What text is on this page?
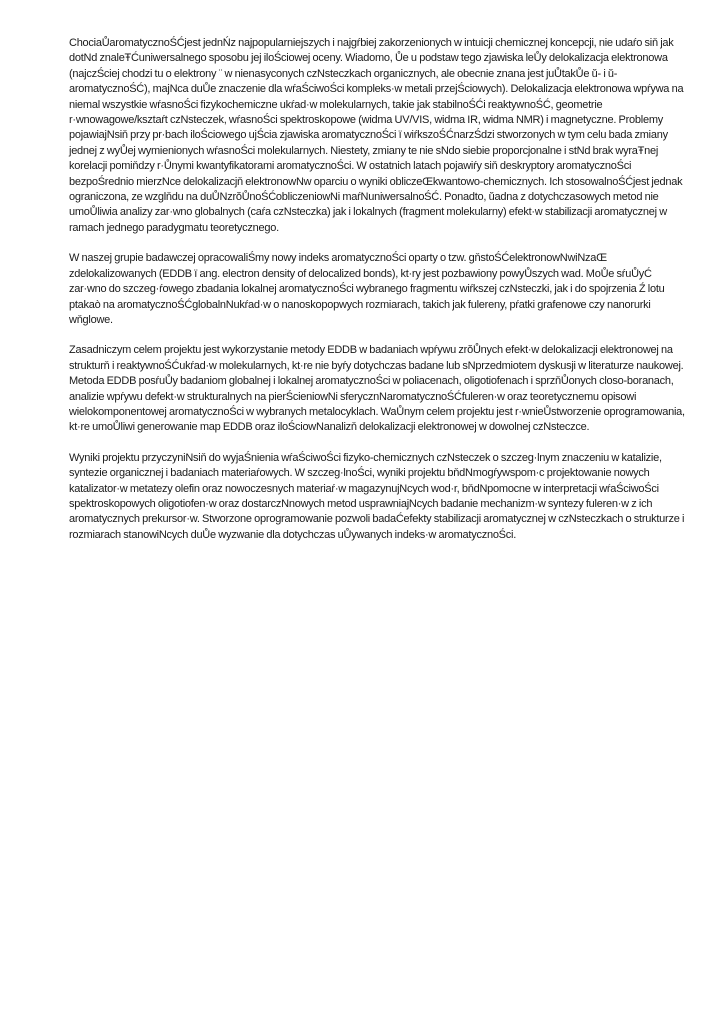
ChociaŮaromatycznoŚĆjest jednŃz najpopularniejszych i najgŕbiej zakorzenionych w intuicji chemicznej koncepcji, nie udaŕo siň jak dotNd znaleŦĆuniwersalnego sposobu jej iloŚciowej oceny. Wiadomo, Ůe u podstaw tego zjawiska leŮy delokalizacja elektronowa (najczŚciej chodzi tu o elektrony ¨ w nienasyconych czNsteczkach organicznych, ale obecnie znana jest juŮtakŮe ŭ- i ŭ- aromatycznoŚĆ), majNca duŮe znaczenie dla wŕaŚciwoŚci kompleks·w metali przejŚciowych). Delokalizacja elektronowa wpŕywa na niemal wszystkie wŕasnoŚci fizykochemiczne ukŕad·w molekularnych, takie jak stabilnoŚĆi reaktywnoŚĆ, geometrie r·wnowagowe/ksztaŕt czNsteczek, wŕasnoŚci spektroskopowe (widma UV/VIS, widma IR, widma NMR) i magnetyczne. Problemy pojawiajNsiň przy pr·bach iloŚciowego ujŚcia zjawiska aromatycznoŚci ï wiŕkszoŚĆnarzŚdzi stworzonych w tym celu bada zmiany jednej z wyŮej wymienionych wŕasnoŚci molekularnych. Niestety, zmiany te nie sNdo siebie proporcjonalne i stNd brak wyraŦnej korelacji pomiňdzy r·Ůnymi kwantyfikatorami aromatycznoŚci. W ostatnich latach pojawiŕy siň deskryptory aromatycznoŚci bezpoŚrednio mierzNce delokalizacjň elektronowNw oparciu o wyniki obliczeŒkwantowo-chemicznych. Ich stosowalnoŚĆjest jednak ograniczona, ze wzglňdu na duŮNzrŏŮnoŚĆobliczeniowNi maŕNuniwersalnoŚĆ. Ponadto, ŭadna z dotychczasowych metod nie umoŮliwia analizy zar·wno globalnych (caŕa czNsteczka) jak i lokalnych (fragment molekularny) efekt·w stabilizacji aromatycznej w ramach jednego paradygmatu teoretycznego.

W naszej grupie badawczej opracowaliŚmy nowy indeks aromatycznoŚci oparty o tzw. gňstoŚĆelektronowNwiNzaŒ zdelokalizowanych (EDDB ï ang. electron density of delocalized bonds), kt·ry jest pozbawiony powyŮszych wad. MoŮe sŕuŮyĆ zar·wno do szczeg·ŕowego zbadania lokalnej aromatycznoŚci wybranego fragmentu wiŕkszej czNsteczki, jak i do spojrzenia Ź lotu ptakaò na aromatycznoŚĆglobalnNukŕad·w o nanoskopopwych rozmiarach, takich jak fulereny, pŕatki grafenowe czy nanorurki wňglowe.

Zasadniczym celem projektu jest wykorzystanie metody EDDB w badaniach wpŕywu zrŏŮnych efekt·w delokalizacji elektronowej na strukturň i reaktywnoŚĆukŕad·w molekularnych, kt·re nie byŕy dotychczas badane lub sNprzedmiotem dyskusji w literaturze naukowej. Metoda EDDB posŕuŮy badaniom globalnej i lokalnej aromatycznoŚci w poliacenach, oligotiofenach i sprzňŮonych closo-boranach, analizie wpŕywu defekt·w strukturalnych na pierŚcieniowNi sferycznNaromatycznoŚĆfuleren·w oraz teoretycznemu opisowi wielokomponentowej aromatycznoŚci w wybranych metalocyklach. WaŮnym celem projektu jest r·wnieŮstworzenie oprogramowania, kt·re umoŮliwi generowanie map EDDB oraz iloŚciowNanalizň delokalizacji elektronowej w dowolnej czNsteczce.

Wyniki projektu przyczyniNsiň do wyjaŚnienia wŕaŚciwoŚci fizyko-chemicznych czNsteczek o szczeg·lnym znaczeniu w katalizie, syntezie organicznej i badaniach materiaŕowych. W szczeg·lnoŚci, wyniki projektu bňdNmogŕywspom·c projektowanie nowych katalizator·w metatezy olefin oraz nowoczesnych materiaŕ·w magazynujNcych wod·r, bňdNpomocne w interpretacji wŕaŚciwoŚci spektroskopowych oligotiofen·w oraz dostarczNnowych metod usprawniajNcych badanie mechanizm·w syntezy fuleren·w z ich aromatycznych prekursor·w. Stworzone oprogramowanie pozwoli badaĆefekty stabilizacji aromatycznej w czNsteczkach o strukturze i rozmiarach stanowiNcych duŮe wyzwanie dla dotychczas uŮywanych indeks·w aromatycznoŚci.
